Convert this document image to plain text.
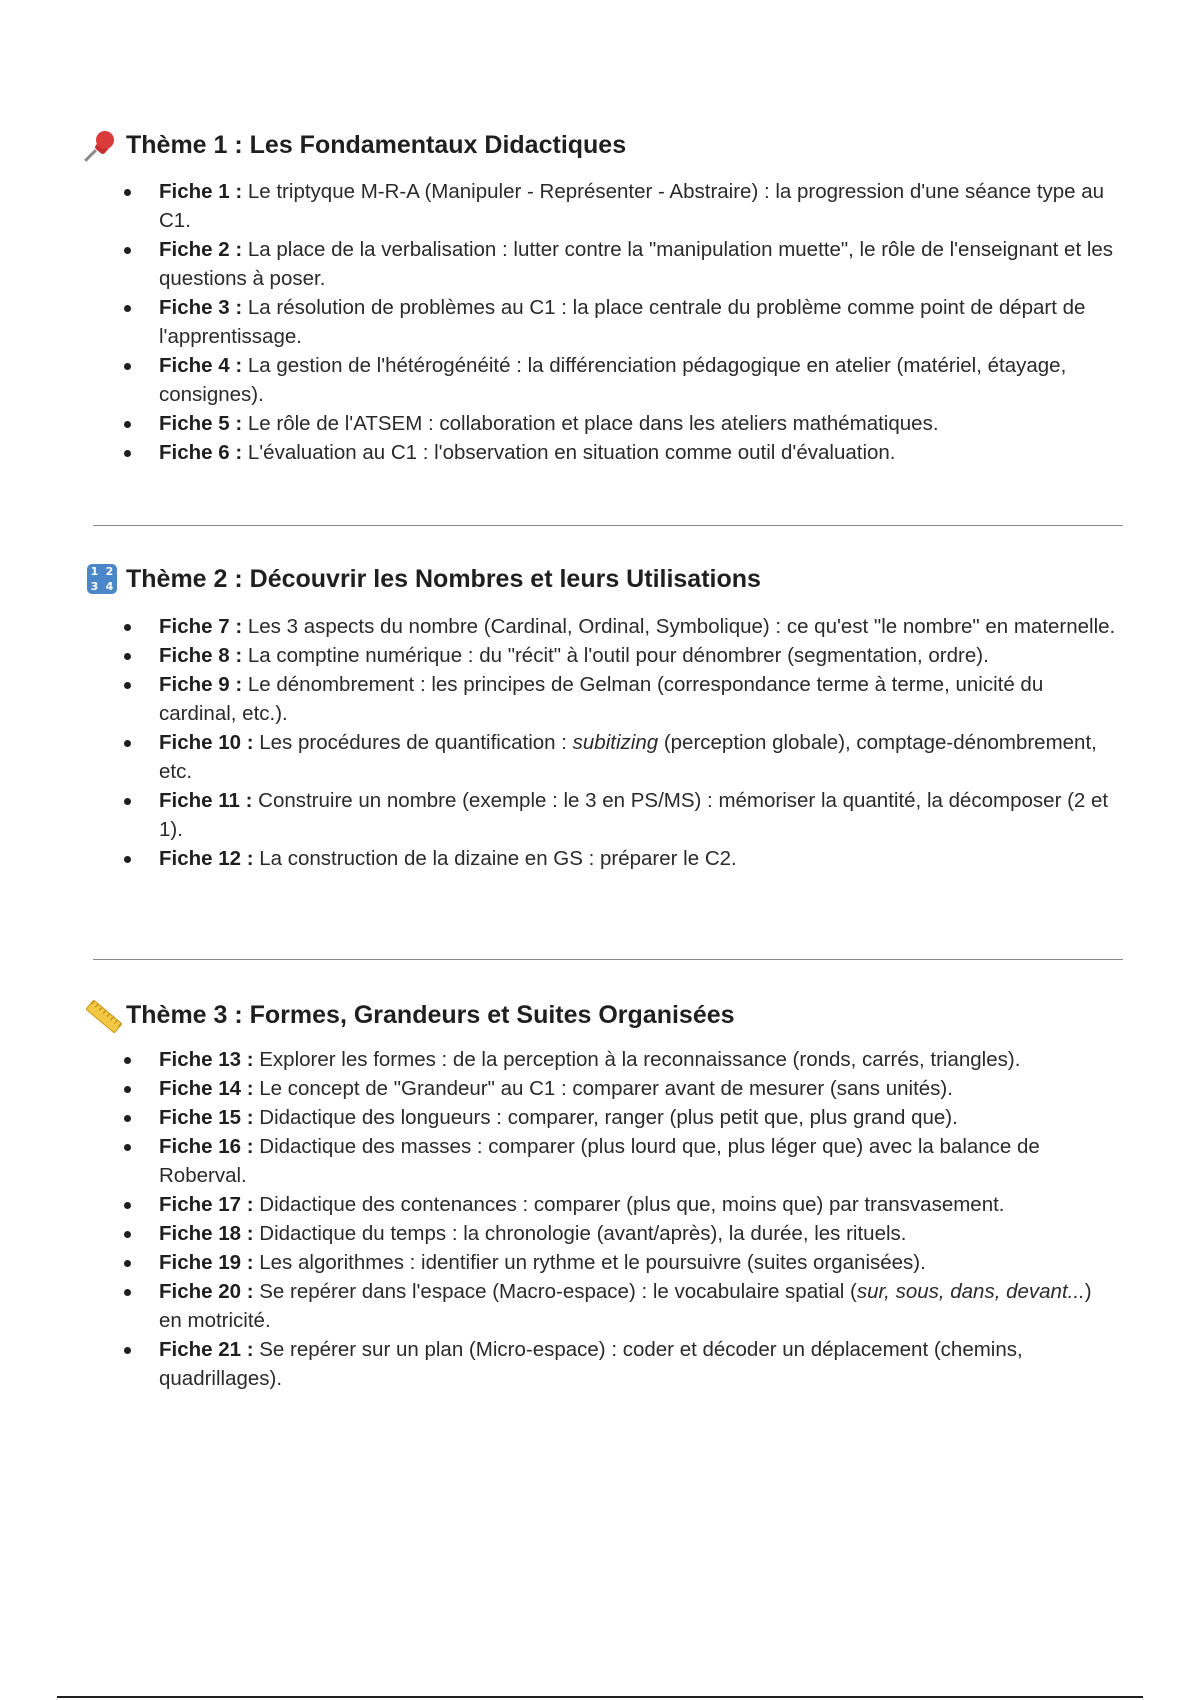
Thème 1 : Les Fondamentaux Didactiques
Fiche 1 : Le triptyque M-R-A (Manipuler - Représenter - Abstraire) : la progression d'une séance type au C1.
Fiche 2 : La place de la verbalisation : lutter contre la "manipulation muette", le rôle de l'enseignant et les questions à poser.
Fiche 3 : La résolution de problèmes au C1 : la place centrale du problème comme point de départ de l'apprentissage.
Fiche 4 : La gestion de l'hétérogénéité : la différenciation pédagogique en atelier (matériel, étayage, consignes).
Fiche 5 : Le rôle de l'ATSEM : collaboration et place dans les ateliers mathématiques.
Fiche 6 : L'évaluation au C1 : l'observation en situation comme outil d'évaluation.
1 2
3 4 Thème 2 : Découvrir les Nombres et leurs Utilisations
Fiche 7 : Les 3 aspects du nombre (Cardinal, Ordinal, Symbolique) : ce qu'est "le nombre" en maternelle.
Fiche 8 : La comptine numérique : du "récit" à l'outil pour dénombrer (segmentation, ordre).
Fiche 9 : Le dénombrement : les principes de Gelman (correspondance terme à terme, unicité du cardinal, etc.).
Fiche 10 : Les procédures de quantification : subitizing (perception globale), comptage-dénombrement, etc.
Fiche 11 : Construire un nombre (exemple : le 3 en PS/MS) : mémoriser la quantité, la décomposer (2 et 1).
Fiche 12 : La construction de la dizaine en GS : préparer le C2.
Thème 3 : Formes, Grandeurs et Suites Organisées
Fiche 13 : Explorer les formes : de la perception à la reconnaissance (ronds, carrés, triangles).
Fiche 14 : Le concept de "Grandeur" au C1 : comparer avant de mesurer (sans unités).
Fiche 15 : Didactique des longueurs : comparer, ranger (plus petit que, plus grand que).
Fiche 16 : Didactique des masses : comparer (plus lourd que, plus léger que) avec la balance de Roberval.
Fiche 17 : Didactique des contenances : comparer (plus que, moins que) par transvasement.
Fiche 18 : Didactique du temps : la chronologie (avant/après), la durée, les rituels.
Fiche 19 : Les algorithmes : identifier un rythme et le poursuivre (suites organisées).
Fiche 20 : Se repérer dans l'espace (Macro-espace) : le vocabulaire spatial (sur, sous, dans, devant...) en motricité.
Fiche 21 : Se repérer sur un plan (Micro-espace) : coder et décoder un déplacement (chemins, quadrillages).
